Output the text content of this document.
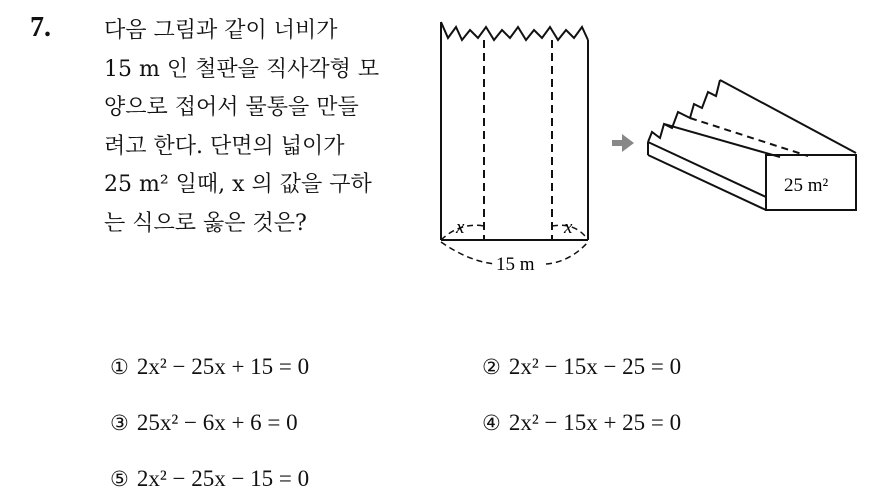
7. 다음 그림과 같이 너비가
15 m 인 철판을 직사각형 모
양으로 접어서 물통을 만들
려고 한다. 단면의 넓이가
25 m² 일때, x 의 값을 구하
는 식으로 옳은 것은?	x	x
15 m
25 m²
① 2x² − 25x + 15 = 0	② 2x² − 15x − 25 = 0
③ 25x² − 6x + 6 = 0	④ 2x² − 15x + 25 = 0
⑤ 2x² − 25x − 15 = 0
